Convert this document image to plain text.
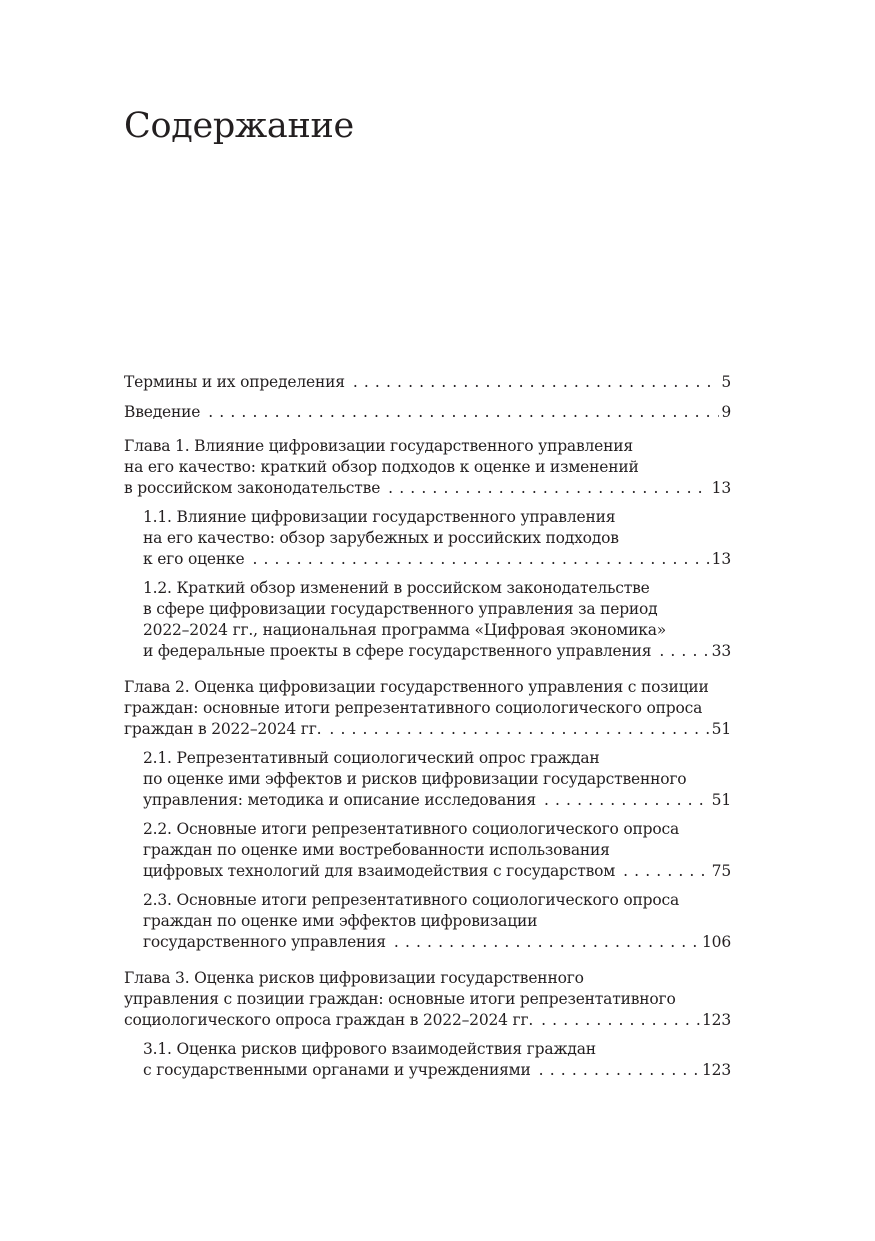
Содержание
Термины и их определения . . .	5
Введение . . .	9
Глава 1. Влияние цифровизации государственного управления
на его качество: краткий обзор подходов к оценке и изменений
в российском законодательстве . . .	13
1.1. Влияние цифровизации государственного управления
на его качество: обзор зарубежных и российских подходов
к его оценке . . .	13
1.2. Краткий обзор изменений в российском законодательстве
в сфере цифровизации государственного управления за период
2022–2024 гг., национальная программа «Цифровая экономика»
и федеральные проекты в сфере государственного управления . . .	33
Глава 2. Оценка цифровизации государственного управления с позиции
граждан: основные итоги репрезентативного социологического опроса
граждан в 2022–2024 гг. . . .	51
2.1. Репрезентативный социологический опрос граждан
по оценке ими эффектов и рисков цифровизации государственного
управления: методика и описание исследования . . .	51
2.2. Основные итоги репрезентативного социологического опроса
граждан по оценке ими востребованности использования
цифровых технологий для взаимодействия с государством . . .	75
2.3. Основные итоги репрезентативного социологического опроса
граждан по оценке ими эффектов цифровизации
государственного управления . . .	106
Глава 3. Оценка рисков цифровизации государственного
управления с позиции граждан: основные итоги репрезентативного
социологического опроса граждан в 2022–2024 гг. . . .	123
3.1. Оценка рисков цифрового взаимодействия граждан
с государственными органами и учреждениями . . .	123
